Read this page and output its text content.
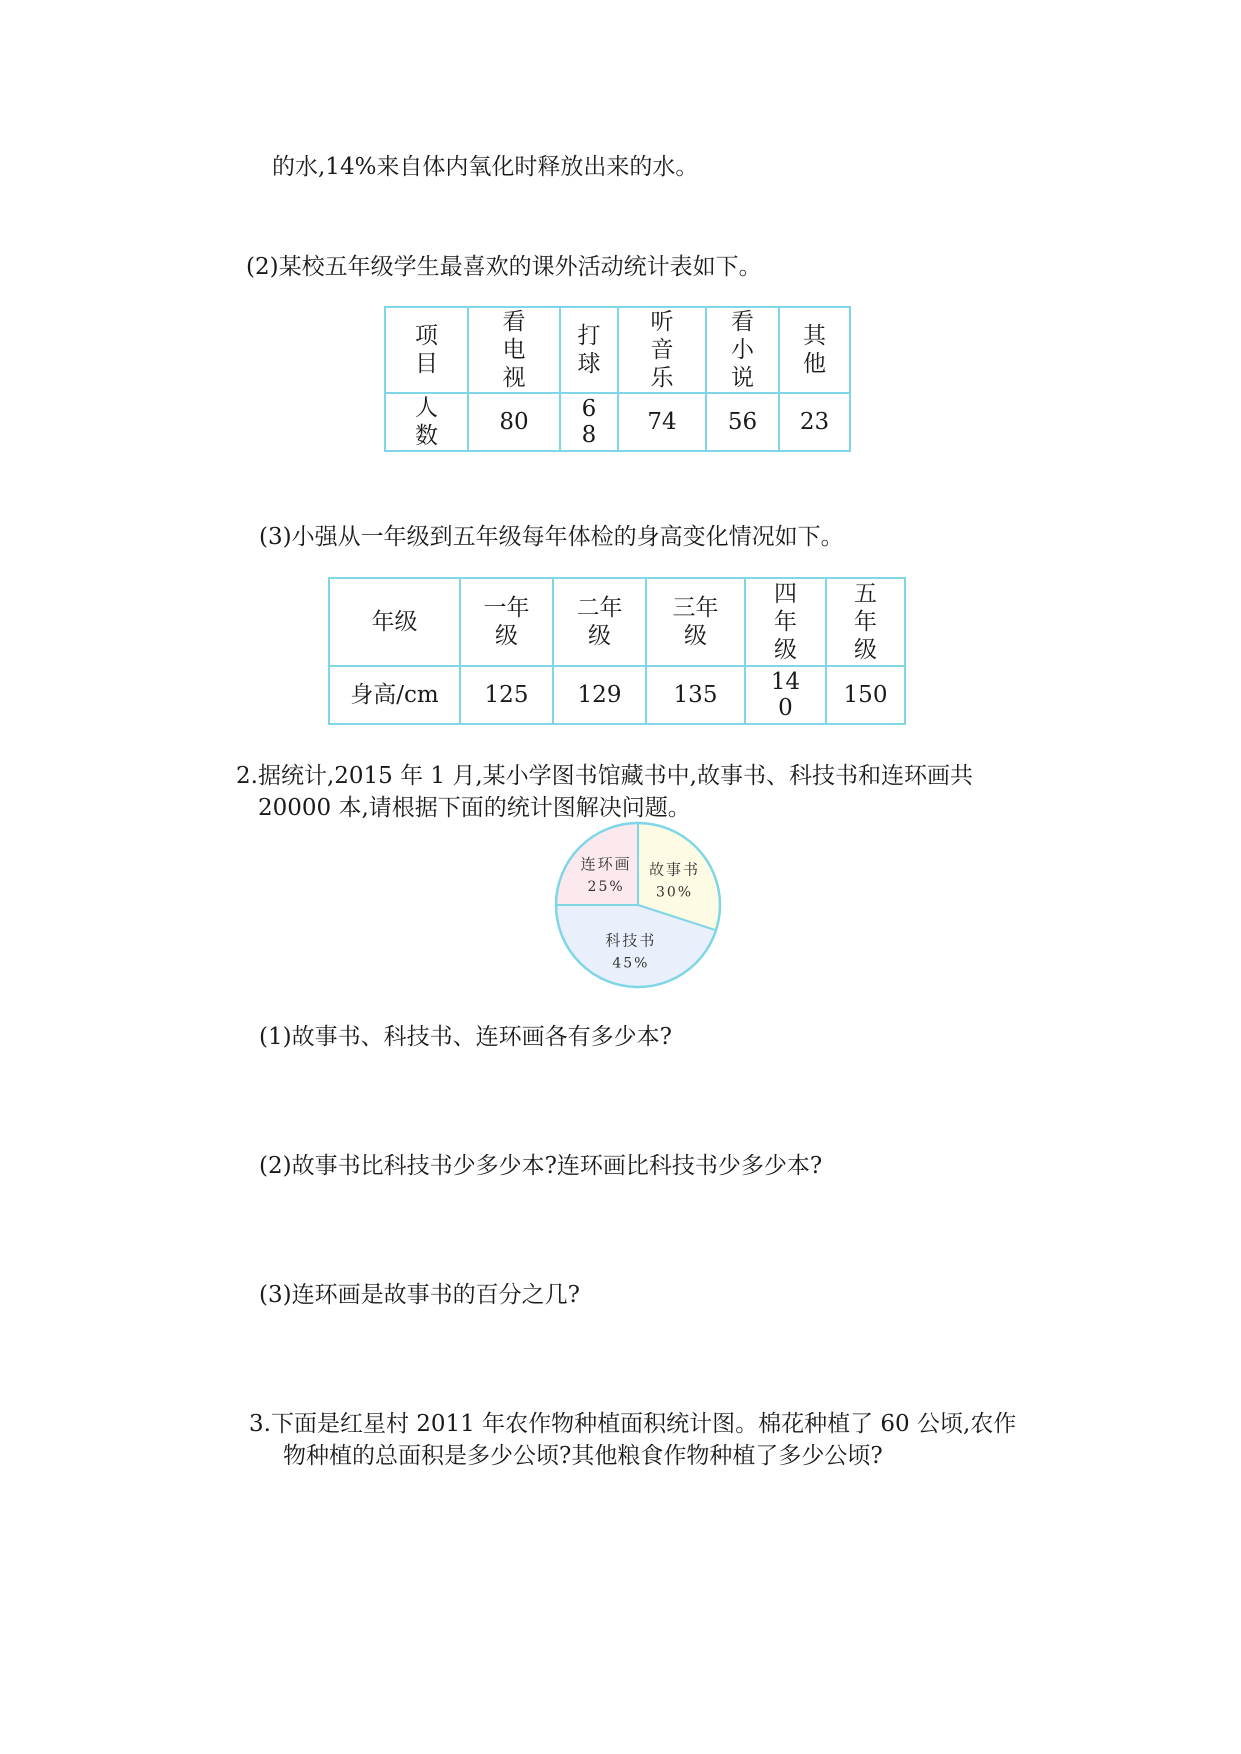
的水,14%来自体内氧化时释放出来的水。
(2)某校五年级学生最喜欢的课外活动统计表如下。
项目	看电视	打球	听音乐	看小说	其他
人数	80	68	74	56	23
(3)小强从一年级到五年级每年体检的身高变化情况如下。
年级	一年级	二年级	三年级	四年级	五年级
身高/cm	125	129	135	140	150
2.据统计,2015 年 1 月,某小学图书馆藏书中,故事书、科技书和连环画共
20000 本,请根据下面的统计图解决问题。
故事书
30%
科技书
45%
连环画
25%
(1)故事书、科技书、连环画各有多少本?
(2)故事书比科技书少多少本?连环画比科技书少多少本?
(3)连环画是故事书的百分之几?
3.下面是红星村 2011 年农作物种植面积统计图。棉花种植了 60 公顷,农作
物种植的总面积是多少公顷?其他粮食作物种植了多少公顷?
